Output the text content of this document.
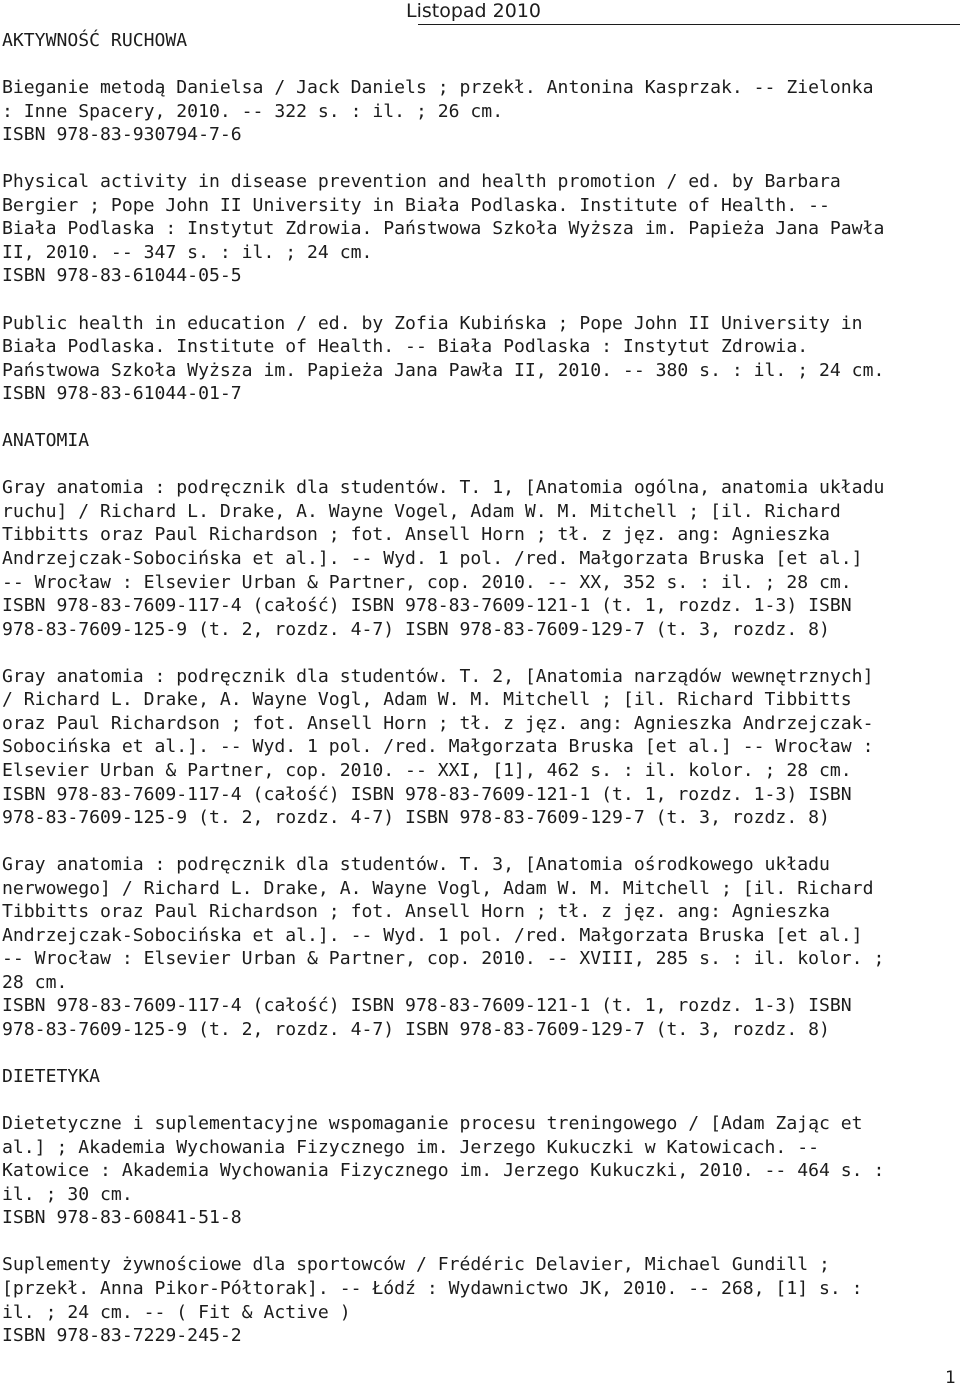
Listopad 2010
AKTYWNOŚĆ RUCHOWA
Bieganie metodą Danielsa / Jack Daniels ; przekł. Antonina Kasprzak. -- Zielonka
: Inne Spacery, 2010. -- 322 s. : il. ; 26 cm.
ISBN 978-83-930794-7-6
Physical activity in disease prevention and health promotion / ed. by Barbara
Bergier ; Pope John II University in Biała Podlaska. Institute of Health. --
Biała Podlaska : Instytut Zdrowia. Państwowa Szkoła Wyższa im. Papieża Jana Pawła
II, 2010. -- 347 s. : il. ; 24 cm.
ISBN 978-83-61044-05-5
Public health in education / ed. by Zofia Kubińska ; Pope John II University in
Biała Podlaska. Institute of Health. -- Biała Podlaska : Instytut Zdrowia.
Państwowa Szkoła Wyższa im. Papieża Jana Pawła II, 2010. -- 380 s. : il. ; 24 cm.
ISBN 978-83-61044-01-7
ANATOMIA
Gray anatomia : podręcznik dla studentów. T. 1, [Anatomia ogólna, anatomia układu
ruchu] / Richard L. Drake, A. Wayne Vogel, Adam W. M. Mitchell ; [il. Richard
Tibbitts oraz Paul Richardson ; fot. Ansell Horn ; tł. z jęz. ang: Agnieszka
Andrzejczak-Sobocińska et al.]. -- Wyd. 1 pol. /red. Małgorzata Bruska [et al.]
-- Wrocław : Elsevier Urban & Partner, cop. 2010. -- XX, 352 s. : il. ; 28 cm.
ISBN 978-83-7609-117-4 (całość) ISBN 978-83-7609-121-1 (t. 1, rozdz. 1-3) ISBN
978-83-7609-125-9 (t. 2, rozdz. 4-7) ISBN 978-83-7609-129-7 (t. 3, rozdz. 8)
Gray anatomia : podręcznik dla studentów. T. 2, [Anatomia narządów wewnętrznych]
/ Richard L. Drake, A. Wayne Vogl, Adam W. M. Mitchell ; [il. Richard Tibbitts
oraz Paul Richardson ; fot. Ansell Horn ; tł. z jęz. ang: Agnieszka Andrzejczak-
Sobocińska et al.]. -- Wyd. 1 pol. /red. Małgorzata Bruska [et al.] -- Wrocław :
Elsevier Urban & Partner, cop. 2010. -- XXI, [1], 462 s. : il. kolor. ; 28 cm.
ISBN 978-83-7609-117-4 (całość) ISBN 978-83-7609-121-1 (t. 1, rozdz. 1-3) ISBN
978-83-7609-125-9 (t. 2, rozdz. 4-7) ISBN 978-83-7609-129-7 (t. 3, rozdz. 8)
Gray anatomia : podręcznik dla studentów. T. 3, [Anatomia ośrodkowego układu
nerwowego] / Richard L. Drake, A. Wayne Vogl, Adam W. M. Mitchell ; [il. Richard
Tibbitts oraz Paul Richardson ; fot. Ansell Horn ; tł. z jęz. ang: Agnieszka
Andrzejczak-Sobocińska et al.]. -- Wyd. 1 pol. /red. Małgorzata Bruska [et al.]
-- Wrocław : Elsevier Urban & Partner, cop. 2010. -- XVIII, 285 s. : il. kolor. ;
28 cm.
ISBN 978-83-7609-117-4 (całość) ISBN 978-83-7609-121-1 (t. 1, rozdz. 1-3) ISBN
978-83-7609-125-9 (t. 2, rozdz. 4-7) ISBN 978-83-7609-129-7 (t. 3, rozdz. 8)
DIETETYKA
Dietetyczne i suplementacyjne wspomaganie procesu treningowego / [Adam Zając et
al.] ; Akademia Wychowania Fizycznego im. Jerzego Kukuczki w Katowicach. --
Katowice : Akademia Wychowania Fizycznego im. Jerzego Kukuczki, 2010. -- 464 s. :
il. ; 30 cm.
ISBN 978-83-60841-51-8
Suplementy żywnościowe dla sportowców / Frédéric Delavier, Michael Gundill ;
[przekł. Anna Pikor-Półtorak]. -- Łódź : Wydawnictwo JK, 2010. -- 268, [1] s. :
il. ; 24 cm. -- ( Fit & Active )
ISBN 978-83-7229-245-2
1
